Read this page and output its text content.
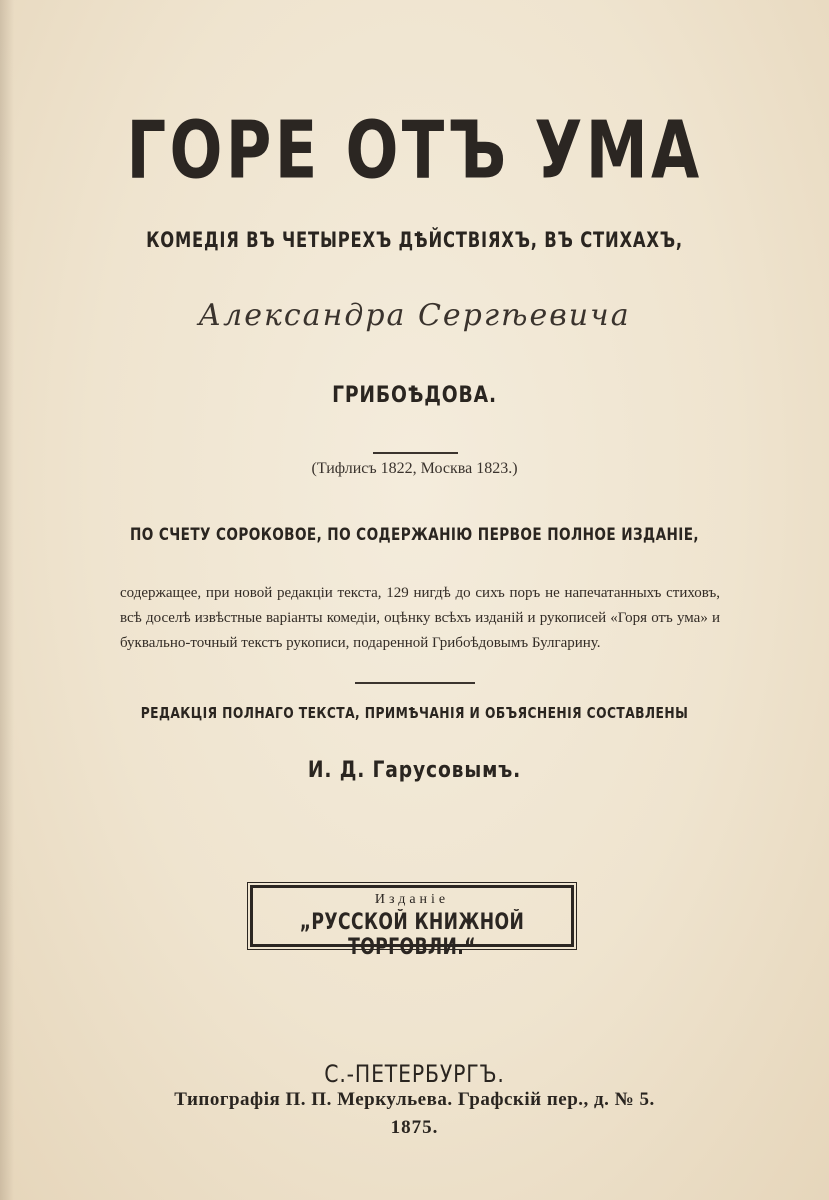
ГОРЕ ОТЪ УМА
КОМЕДІЯ ВЪ ЧЕТЫРЕХЪ ДѢЙСТВІЯХЪ, ВЪ СТИХАХЪ,
Александра Сергѣевича
ГРИБОѢДОВА.
(Тифлисъ 1822, Москва 1823.)
ПО СЧЕТУ СОРОКОВОЕ, ПО СОДЕРЖАНІЮ ПЕРВОЕ ПОЛНОЕ ИЗДАНІЕ,
содержащее, при новой редакціи текста, 129 нигдѣ до сихъ поръ не напечатанныхъ стиховъ, всѣ доселѣ извѣстные варіанты комедіи, оцѣнку всѣхъ изданій и рукописей «Горя отъ ума» и буквально-точный текстъ рукописи, подаренной Грибоѣдовымъ Булгарину.
РЕДАКЦІЯ ПОЛНАГО ТЕКСТА, ПРИМѢЧАНІЯ И ОБЪЯСНЕНІЯ СОСТАВЛЕНЫ
И. Д. Гарусовымъ.
Изданіе
„РУССКОЙ КНИЖНОЙ ТОРГОВЛИ.“
С.-ПЕТЕРБУРГЪ.
Типографія П. П. Меркульева. Графскій пер., д. № 5.
1875.
